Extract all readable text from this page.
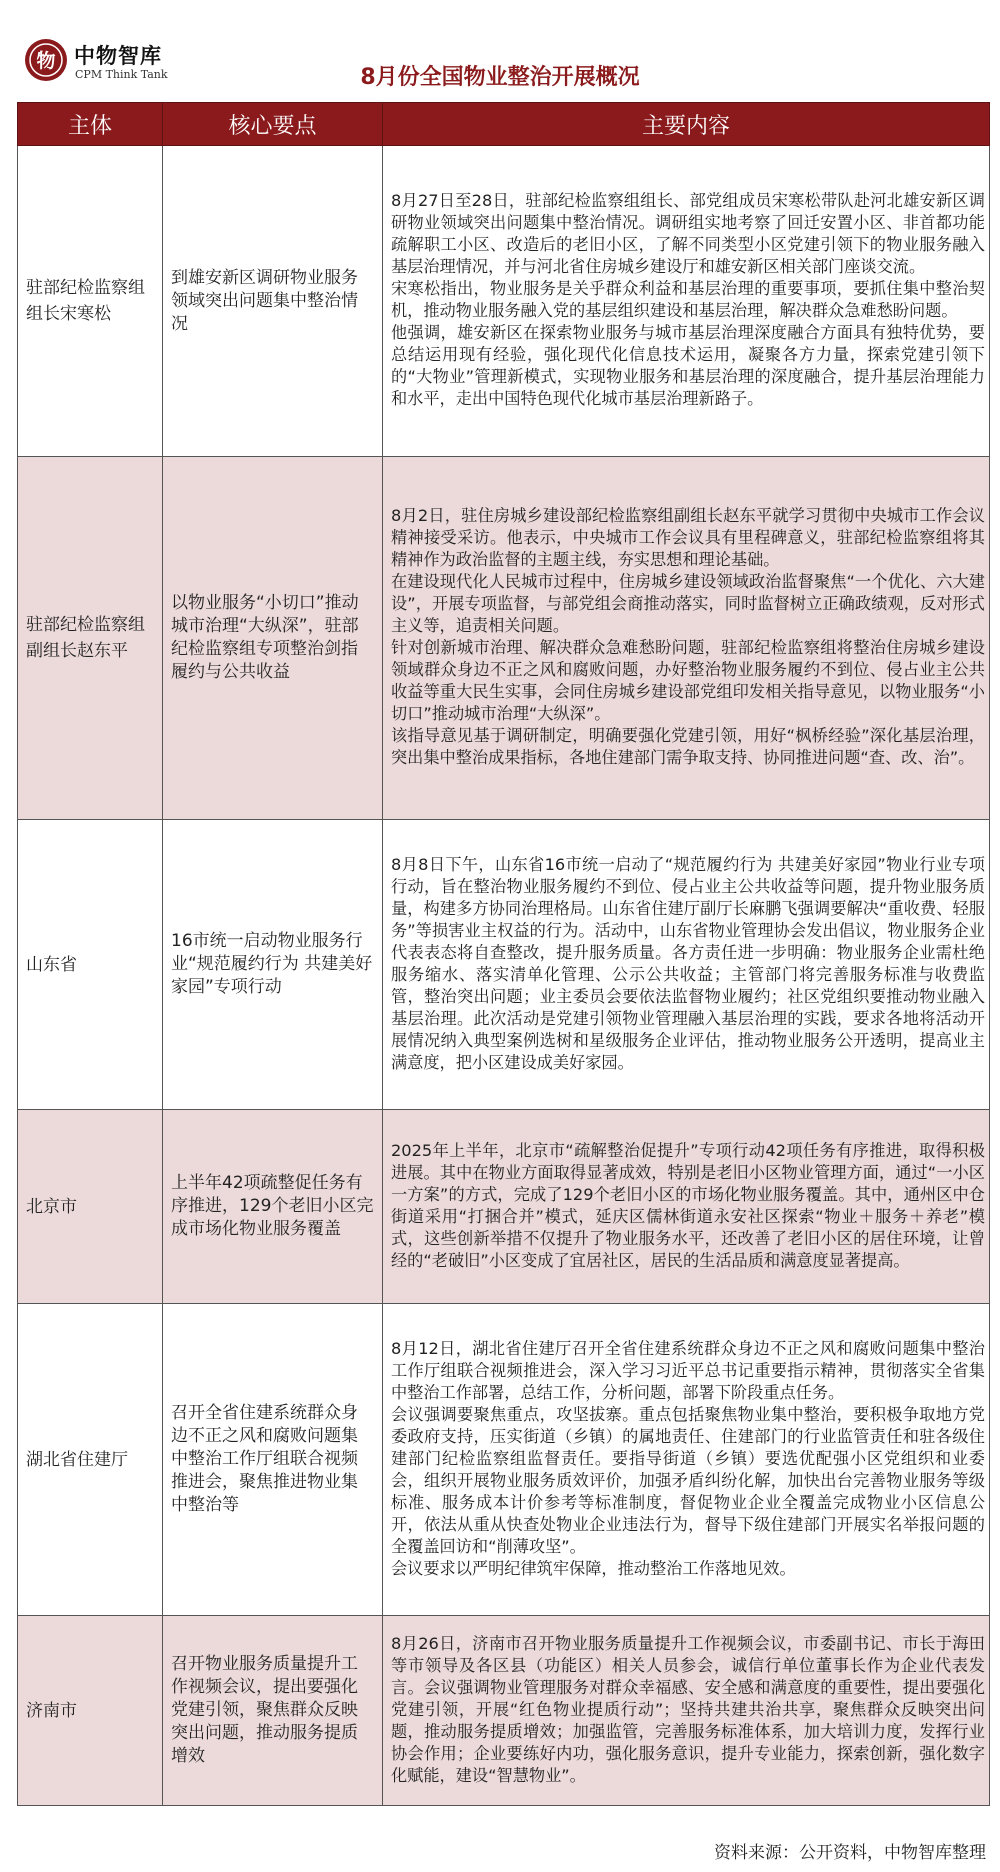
物 中物智库
CPM Think Tank	8月份全国物业整治开展概况
主体	核心要点	主要内容
驻部纪检监察组组长宋寒松	到雄安新区调研物业服务领域突出问题集中整治情况	8月27日至28日，驻部纪检监察组组长、部党组成员宋寒松带队赴河北雄安新区调研物业领域突出问题集中整治情况。调研组实地考察了回迁安置小区、非首都功能疏解职工小区、改造后的老旧小区，了解不同类型小区党建引领下的物业服务融入基层治理情况，并与河北省住房城乡建设厅和雄安新区相关部门座谈交流。

宋寒松指出，物业服务是关乎群众利益和基层治理的重要事项，要抓住集中整治契机，推动物业服务融入党的基层组织建设和基层治理，解决群众急难愁盼问题。

他强调，雄安新区在探索物业服务与城市基层治理深度融合方面具有独特优势，要总结运用现有经验，强化现代化信息技术运用，凝聚各方力量，探索党建引领下的“大物业”管理新模式，实现物业服务和基层治理的深度融合，提升基层治理能力和水平，走出中国特色现代化城市基层治理新路子。

驻部纪检监察组副组长赵东平	以物业服务“小切口”推动城市治理“大纵深”，驻部纪检监察组专项整治剑指履约与公共收益	8月2日，驻住房城乡建设部纪检监察组副组长赵东平就学习贯彻中央城市工作会议精神接受采访。他表示，中央城市工作会议具有里程碑意义，驻部纪检监察组将其精神作为政治监督的主题主线，夯实思想和理论基础。

在建设现代化人民城市过程中，住房城乡建设领域政治监督聚焦“一个优化、六大建设”，开展专项监督，与部党组会商推动落实，同时监督树立正确政绩观，反对形式主义等，追责相关问题。

针对创新城市治理、解决群众急难愁盼问题，驻部纪检监察组将整治住房城乡建设领域群众身边不正之风和腐败问题，办好整治物业服务履约不到位、侵占业主公共收益等重大民生实事，会同住房城乡建设部党组印发相关指导意见，以物业服务“小切口”推动城市治理“大纵深”。

该指导意见基于调研制定，明确要强化党建引领，用好“枫桥经验”深化基层治理，突出集中整治成果指标，各地住建部门需争取支持、协同推进问题“查、改、治”。

山东省	16市统一启动物业服务行业“规范履约行为 共建美好家园”专项行动	8月8日下午，山东省16市统一启动了“规范履约行为 共建美好家园”物业行业专项行动，旨在整治物业服务履约不到位、侵占业主公共收益等问题，提升物业服务质量，构建多方协同治理格局。山东省住建厅副厅长麻鹏飞强调要解决“重收费、轻服务”等损害业主权益的行为。活动中，山东省物业管理协会发出倡议，物业服务企业代表表态将自查整改，提升服务质量。各方责任进一步明确：物业服务企业需杜绝服务缩水、落实清单化管理、公示公共收益；主管部门将完善服务标准与收费监管，整治突出问题；业主委员会要依法监督物业履约；社区党组织要推动物业融入基层治理。此次活动是党建引领物业管理融入基层治理的实践，要求各地将活动开展情况纳入典型案例选树和星级服务企业评估，推动物业服务公开透明，提高业主满意度，把小区建设成美好家园。

北京市	上半年42项疏整促任务有序推进，129个老旧小区完成市场化物业服务覆盖	2025年上半年，北京市“疏解整治促提升”专项行动42项任务有序推进，取得积极进展。其中在物业方面取得显著成效，特别是老旧小区物业管理方面，通过“一小区一方案”的方式，完成了129个老旧小区的市场化物业服务覆盖。其中，通州区中仓街道采用“打捆合并”模式，延庆区儒林街道永安社区探索“物业＋服务＋养老”模式，这些创新举措不仅提升了物业服务水平，还改善了老旧小区的居住环境，让曾经的“老破旧”小区变成了宜居社区，居民的生活品质和满意度显著提高。

湖北省住建厅	召开全省住建系统群众身边不正之风和腐败问题集中整治工作厅组联合视频推进会，聚焦推进物业集中整治等	8月12日，湖北省住建厅召开全省住建系统群众身边不正之风和腐败问题集中整治工作厅组联合视频推进会，深入学习习近平总书记重要指示精神，贯彻落实全省集中整治工作部署，总结工作，分析问题，部署下阶段重点任务。

会议强调要聚焦重点，攻坚拔寨。重点包括聚焦物业集中整治，要积极争取地方党委政府支持，压实街道（乡镇）的属地责任、住建部门的行业监管责任和驻各级住建部门纪检监察组监督责任。要指导街道（乡镇）要选优配强小区党组织和业委会，组织开展物业服务质效评价，加强矛盾纠纷化解，加快出台完善物业服务等级标准、服务成本计价参考等标准制度，督促物业企业全覆盖完成物业小区信息公开，依法从重从快查处物业企业违法行为，督导下级住建部门开展实名举报问题的全覆盖回访和“削薄攻坚”。

会议要求以严明纪律筑牢保障，推动整治工作落地见效。

济南市	召开物业服务质量提升工作视频会议，提出要强化党建引领，聚焦群众反映突出问题，推动服务提质增效	8月26日，济南市召开物业服务质量提升工作视频会议，市委副书记、市长于海田等市领导及各区县（功能区）相关人员参会，诚信行单位董事长作为企业代表发言。会议强调物业管理服务对群众幸福感、安全感和满意度的重要性，提出要强化党建引领，开展“红色物业提质行动”；坚持共建共治共享，聚焦群众反映突出问题，推动服务提质增效；加强监管，完善服务标准体系，加大培训力度，发挥行业协会作用；企业要练好内功，强化服务意识，提升专业能力，探索创新，强化数字化赋能，建设“智慧物业”。

资料来源：公开资料，中物智库整理
